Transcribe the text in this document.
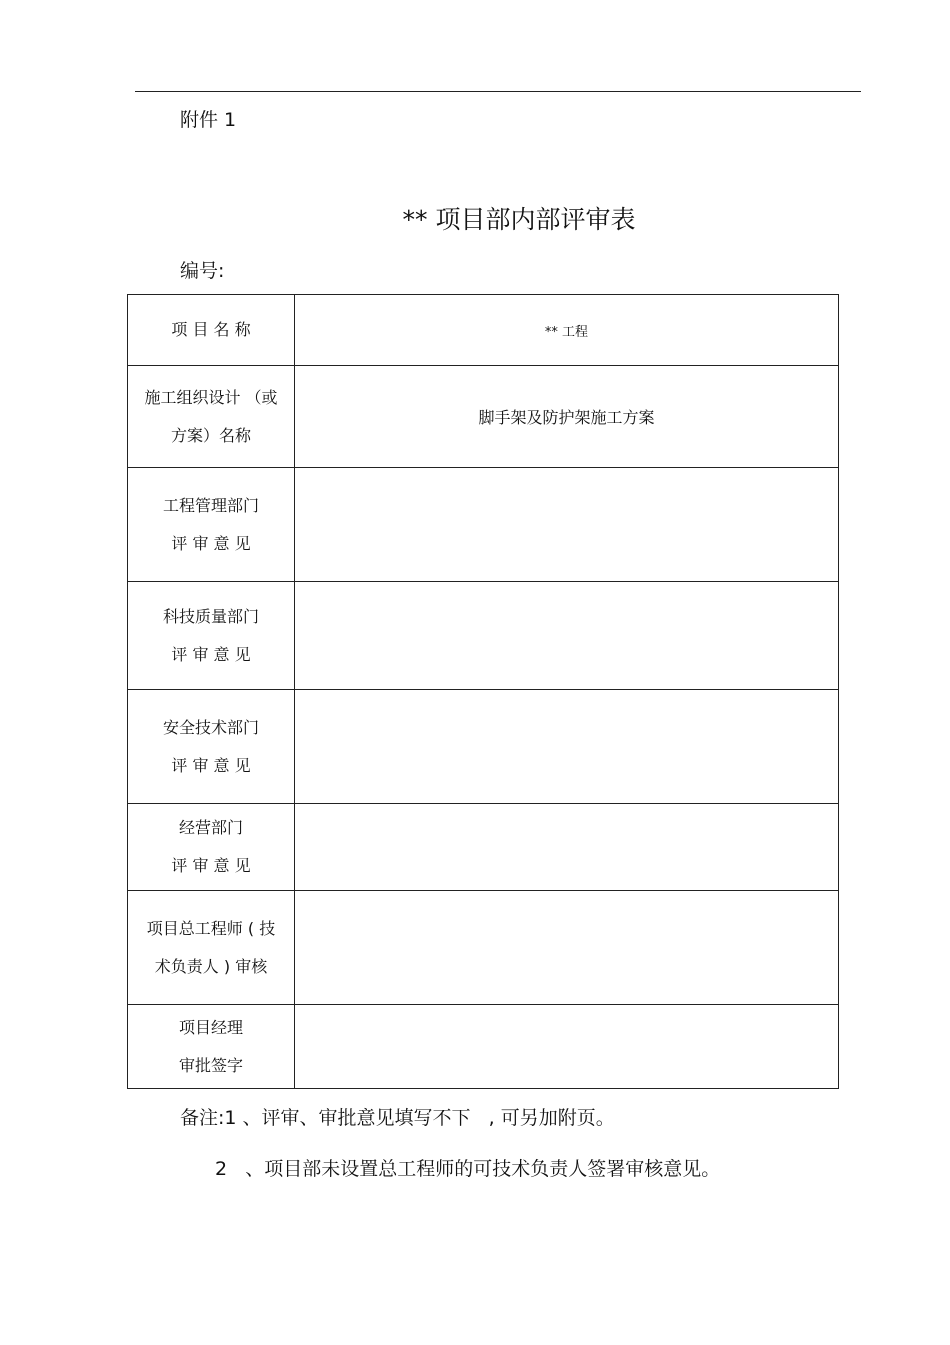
附件 1
** 项目部内部评审表
编号:
项 目 名 称	** 工程

施工组织设计 （或
方案）名称	脚手架及防护架施工方案

工程管理部门
评 审 意 见	

科技质量部门
评 审 意 见	

安全技术部门
评 审 意 见	

经营部门
评 审 意 见	

项目总工程师 ( 技
术负责人 ) 审核	

项目经理
审批签字	

备注:1 、评审、审批意见填写不下   , 可另加附页。
2   、项目部未设置总工程师的可技术负责人签署审核意见。
